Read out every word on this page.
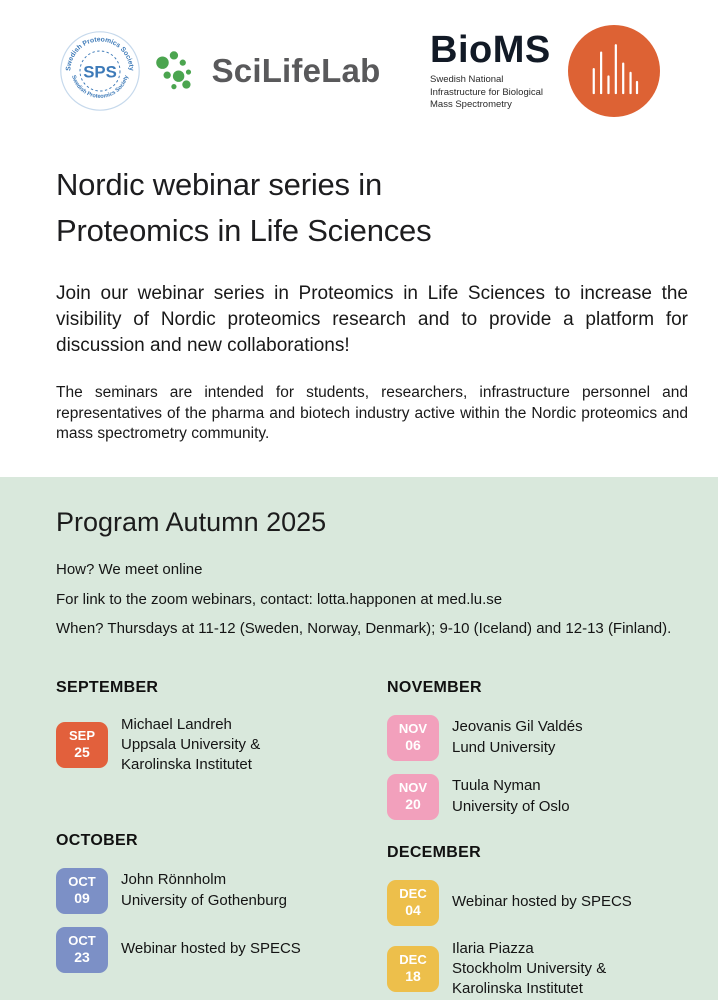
Swedish Proteomics Society
Swedish Proteomics Society
SPS	SciLifeLab BioMS
Swedish National Infrastructure for Biological Mass Spectrometry
Nordic webinar series in
Proteomics in Life Sciences

Join our webinar series in Proteomics in Life Sciences to increase the visibility of Nordic proteomics research and to provide a platform for discussion and new collaborations!

The seminars are intended for students, researchers, infrastructure personnel and representatives of the pharma and biotech industry active within the Nordic proteomics and mass spectrometry community.

Program Autumn 2025
How? We meet online
For link to the zoom webinars, contact: lotta.happonen at med.lu.se
When? Thursdays at 11-12 (Sweden, Norway, Denmark); 9-10 (Iceland) and 12-13 (Finland).
SEPTEMBER
SEP
25
Michael Landreh
Uppsala University &
Karolinska Institutet
OCTOBER
OCT
09
John Rönnholm
University of Gothenburg
OCT
23 Webinar hosted by SPECS
NOVEMBER
NOV
06
Jeovanis Gil Valdés
Lund University
NOV
20
Tuula Nyman
University of Oslo
DECEMBER
DEC
04 Webinar hosted by SPECS
DEC
18
Ilaria Piazza
Stockholm University &
Karolinska Institutet
